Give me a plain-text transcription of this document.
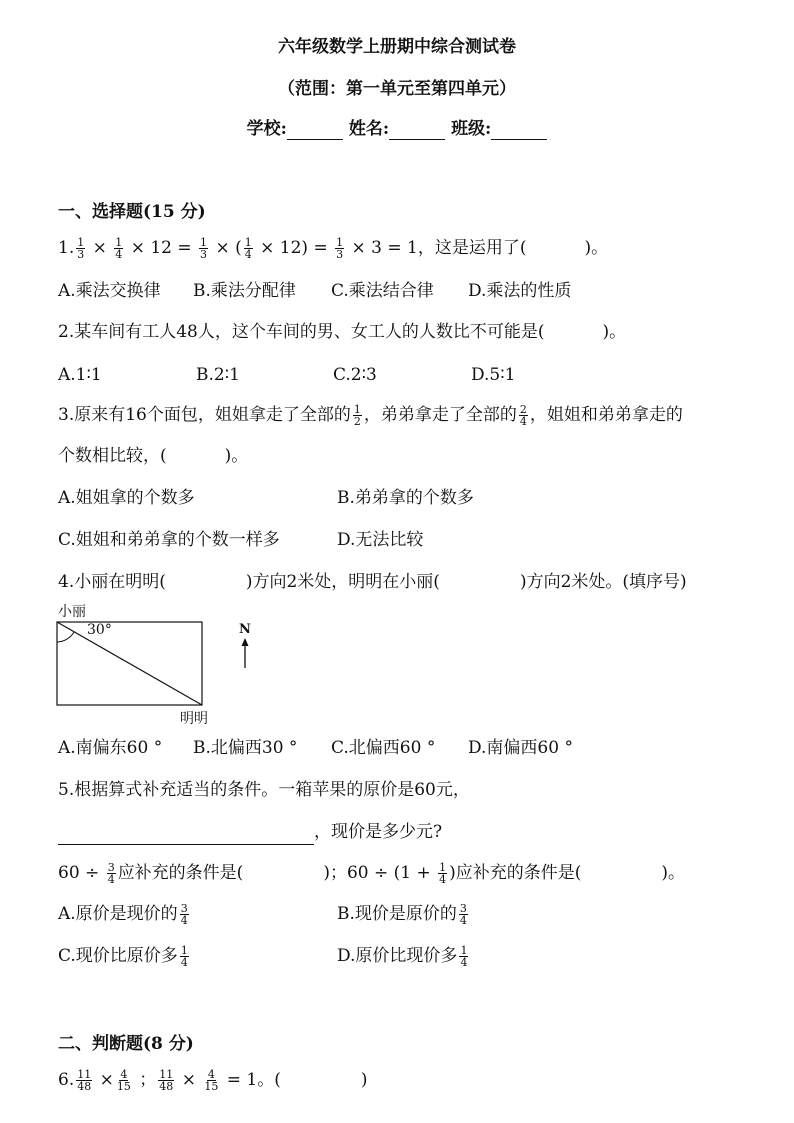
六年级数学上册期中综合测试卷
（范围：第一单元至第四单元）
学校:	姓名:	班级:
一、选择题(15 分)
1. $\frac{1}{3} \times \frac{1}{4} \times 12 = \frac{1}{3}$ × ( $\frac{1}{4} \times 12) = \frac{1}{3} \times 3 = 1$，这是运用了(	)。
A.乘法交换律 B.乘法分配律 C.乘法结合律 D.乘法的性质
2.某车间有工人48人，这个车间的男、女工人的人数比不可能是(	)。
A.1∶1	B.2∶1	C.2∶3	D.5∶1
3.原来有16个面包，姐姐拿走了全部的 $\frac{1}{2}$ ，弟弟拿走了全部的 $\frac{2}{4}$ ，姐姐和弟弟拿走的
个数相比较，(	)。
A.姐姐拿的个数多	B.弟弟拿的个数多
C.姐姐和弟弟拿的个数一样多	D.无法比较
4.小丽在明明(	)方向2米处，明明在小丽(	)方向2米处。(填序号)
小丽
30°
明明
N
A.南偏东60 ° B.北偏西30 ° C.北偏西60 ° D.南偏西60 °
5.根据算式补充适当的条件。一箱苹果的原价是60元，
，现价是多少元?
$60 \div \frac{3}{4}$ 应补充的条件是(	)；$60 \div (1 + \frac{1}{4}$ )应补充的条件是(	)。
A.原价是现价的 $\frac{3}{4}$	B.现价是原价的 $\frac{3}{4}$
C.现价比原价多 $\frac{1}{4}$	D.原价比现价多 $\frac{1}{4}$
二、判断题(8 分)
6. $\frac{11}{48} \times \frac{4}{15}$ ； $\frac{11}{48} \times \frac{4}{15} = 1$。(	)
